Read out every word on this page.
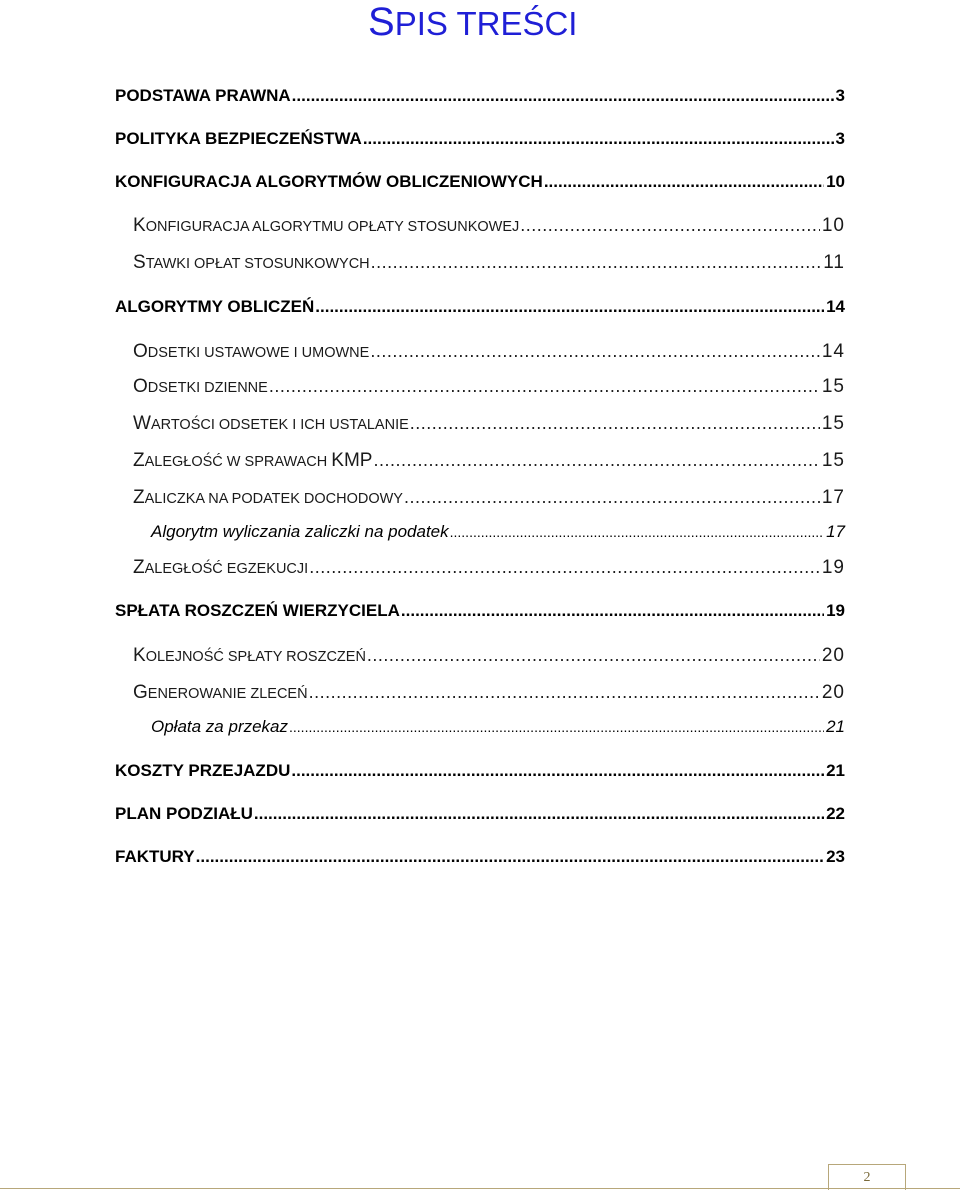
SPIS TREŚCI
PODSTAWA PRAWNA .....	3
POLITYKA BEZPIECZEŃSTWA .....	3
KONFIGURACJA ALGORYTMÓW OBLICZENIOWYCH .....	10
KONFIGURACJA ALGORYTMU OPŁATY STOSUNKOWEJ .....	10
STAWKI OPŁAT STOSUNKOWYCH .....	11
ALGORYTMY OBLICZEŃ .....	14
ODSETKI USTAWOWE I UMOWNE .....	14
ODSETKI DZIENNE .....	15
WARTOŚCI ODSETEK I ICH USTALANIE .....	15
ZALEGŁOŚĆ W SPRAWACH KMP .....	15
ZALICZKA NA PODATEK DOCHODOWY .....	17
Algorytm wyliczania zaliczki na podatek .....	17
ZALEGŁOŚĆ EGZEKUCJI .....	19
SPŁATA ROSZCZEŃ WIERZYCIELA .....	19
KOLEJNOŚĆ SPŁATY ROSZCZEŃ .....	20
GENEROWANIE ZLECEŃ .....	20
Opłata za przekaz .....	21
KOSZTY PRZEJAZDU .....	21
PLAN PODZIAŁU .....	22
FAKTURY .....	23
2
